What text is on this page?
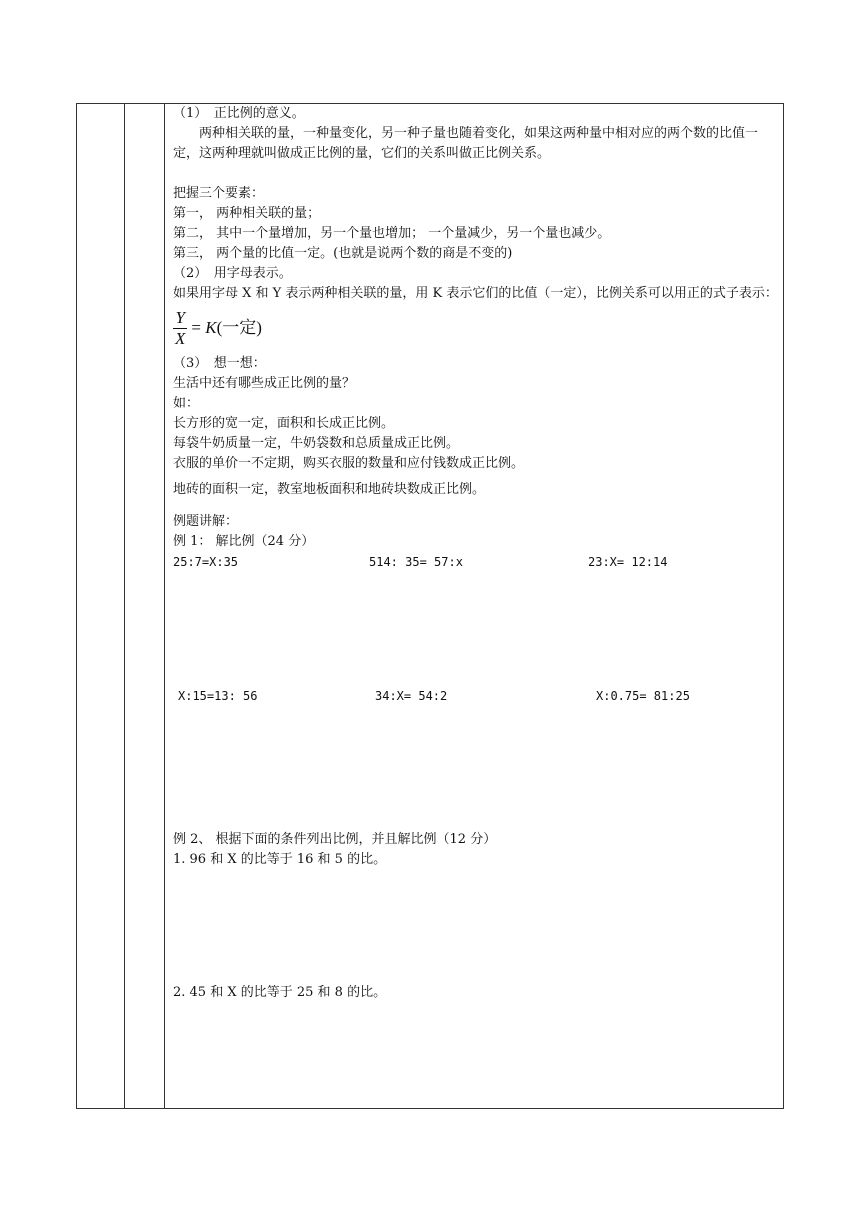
（1）　正比例的意义。

两种相关联的量，一种量变化，另一种子量也随着变化，如果这两种量中相对应的两个数的比值一定，这两种理就叫做成正比例的量，它们的关系叫做正比例关系。

把握三个要素：

第一， 两种相关联的量；

第二， 其中一个量增加，另一个量也增加； 一个量减少，另一个量也减少。

第三， 两个量的比值一定。(也就是说两个数的商是不变的)

（2）　用字母表示。

如果用字母 X 和 Y 表示两种相关联的量，用 K 表示它们的比值（一定），比例关系可以用正的式子表示：

$\frac{Y}{X} = K$(一定)

（3）　想一想：

生活中还有哪些成正比例的量？

如：

长方形的宽一定，面积和长成正比例。

每袋牛奶质量一定，牛奶袋数和总质量成正比例。

衣服的单价一不定期，购买衣服的数量和应付钱数成正比例。

地砖的面积一定，教室地板面积和地砖块数成正比例。

例题讲解：

例 1： 解比例（24 分）

25:7=X:35	514: 35= 57:x	23:X= 12:14
X:15=13: 56	34:X= 54:2	X:0.75= 81:25

例 2、 根据下面的条件列出比例，并且解比例（12 分）

1. 96 和 X 的比等于 16 和 5 的比。

2. 45 和 X 的比等于 25 和 8 的比。
